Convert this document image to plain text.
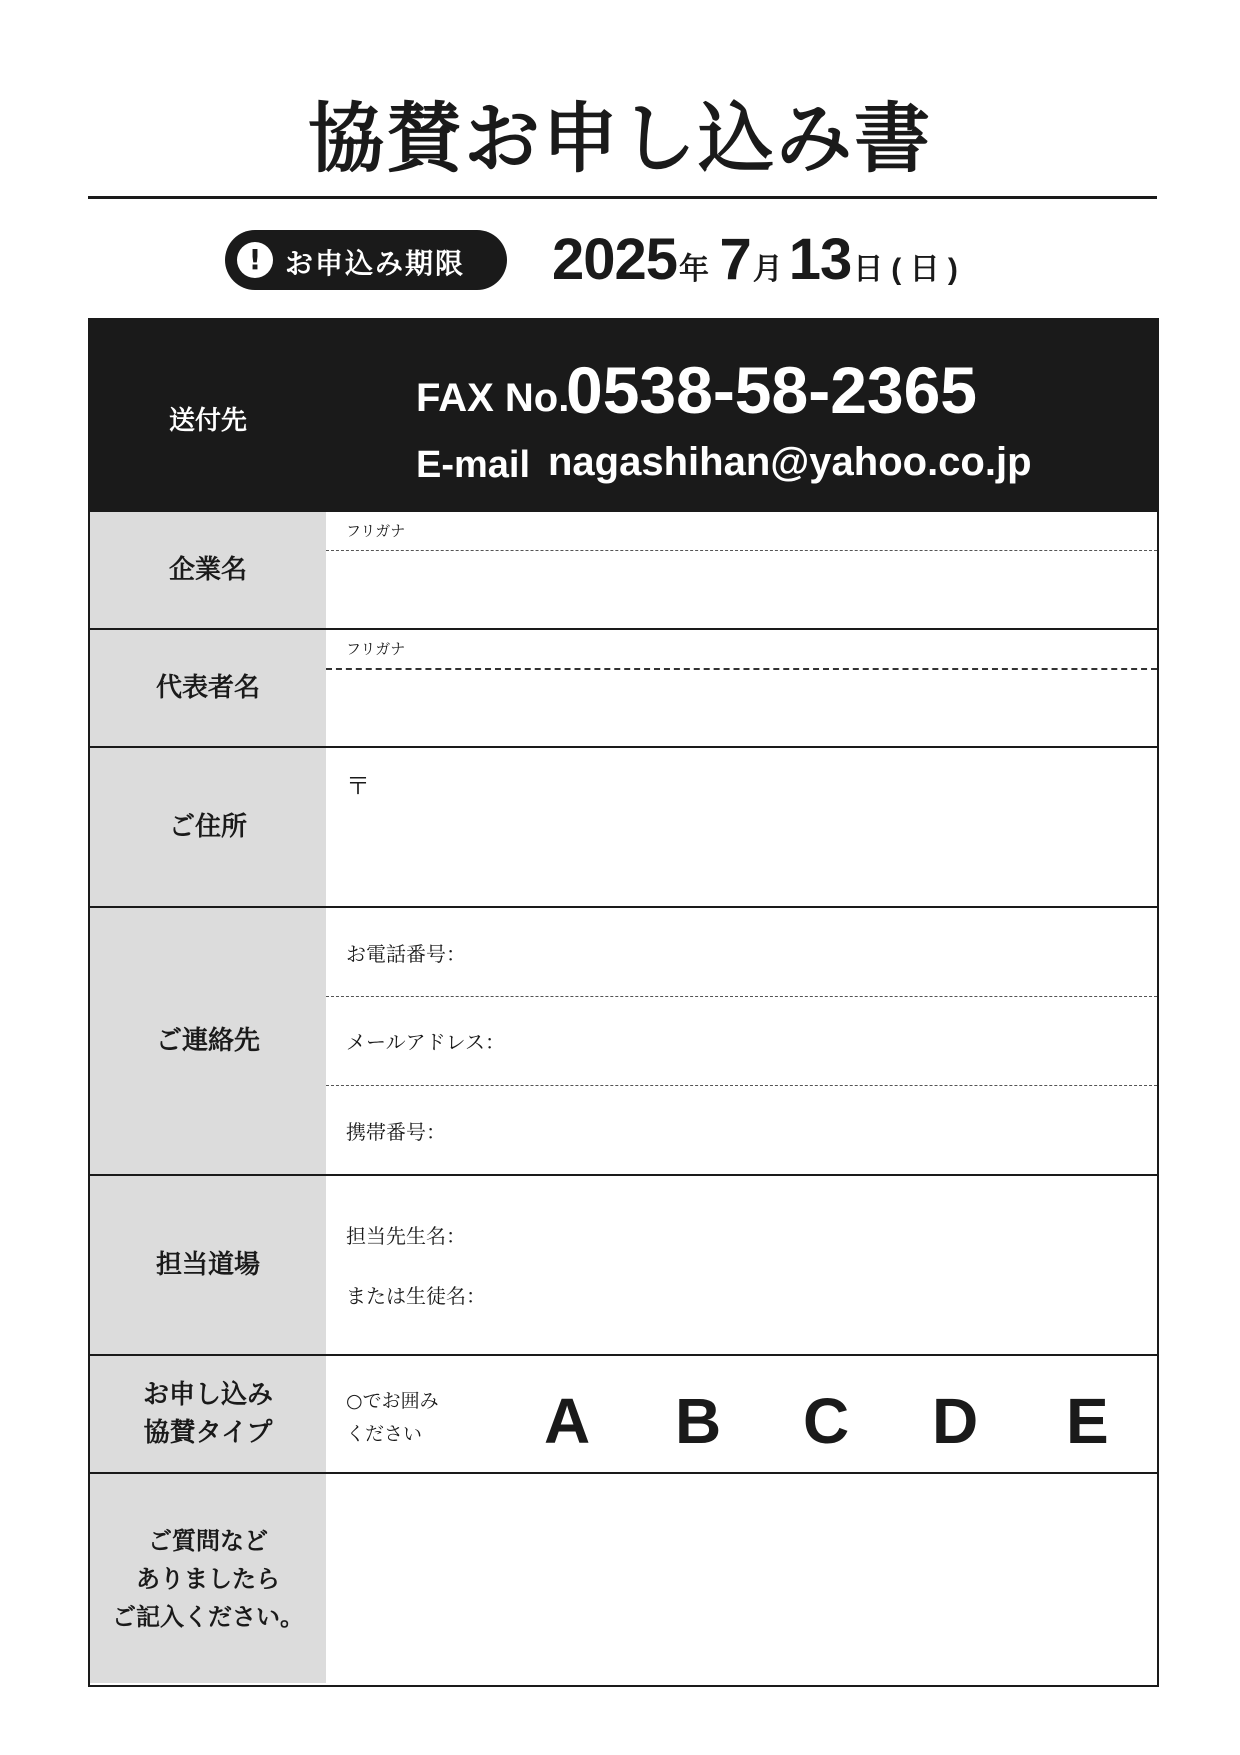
協賛お申し込み書
! お申込み期限 2025年 7月 13日 ( 日 )
送付先
FAX No.
0538-58-2365
E-mail nagashihan@yahoo.co.jp
企業名
フリガナ
代表者名
フリガナ
ご住所
〒
ご連絡先
お電話番号：
メールアドレス：
携帯番号：
担当道場
担当先生名：
または生徒名：
お申し込み
協賛タイプ
○でお囲み
ください A B C D E
ご質問など
ありましたら
ご記入ください。
